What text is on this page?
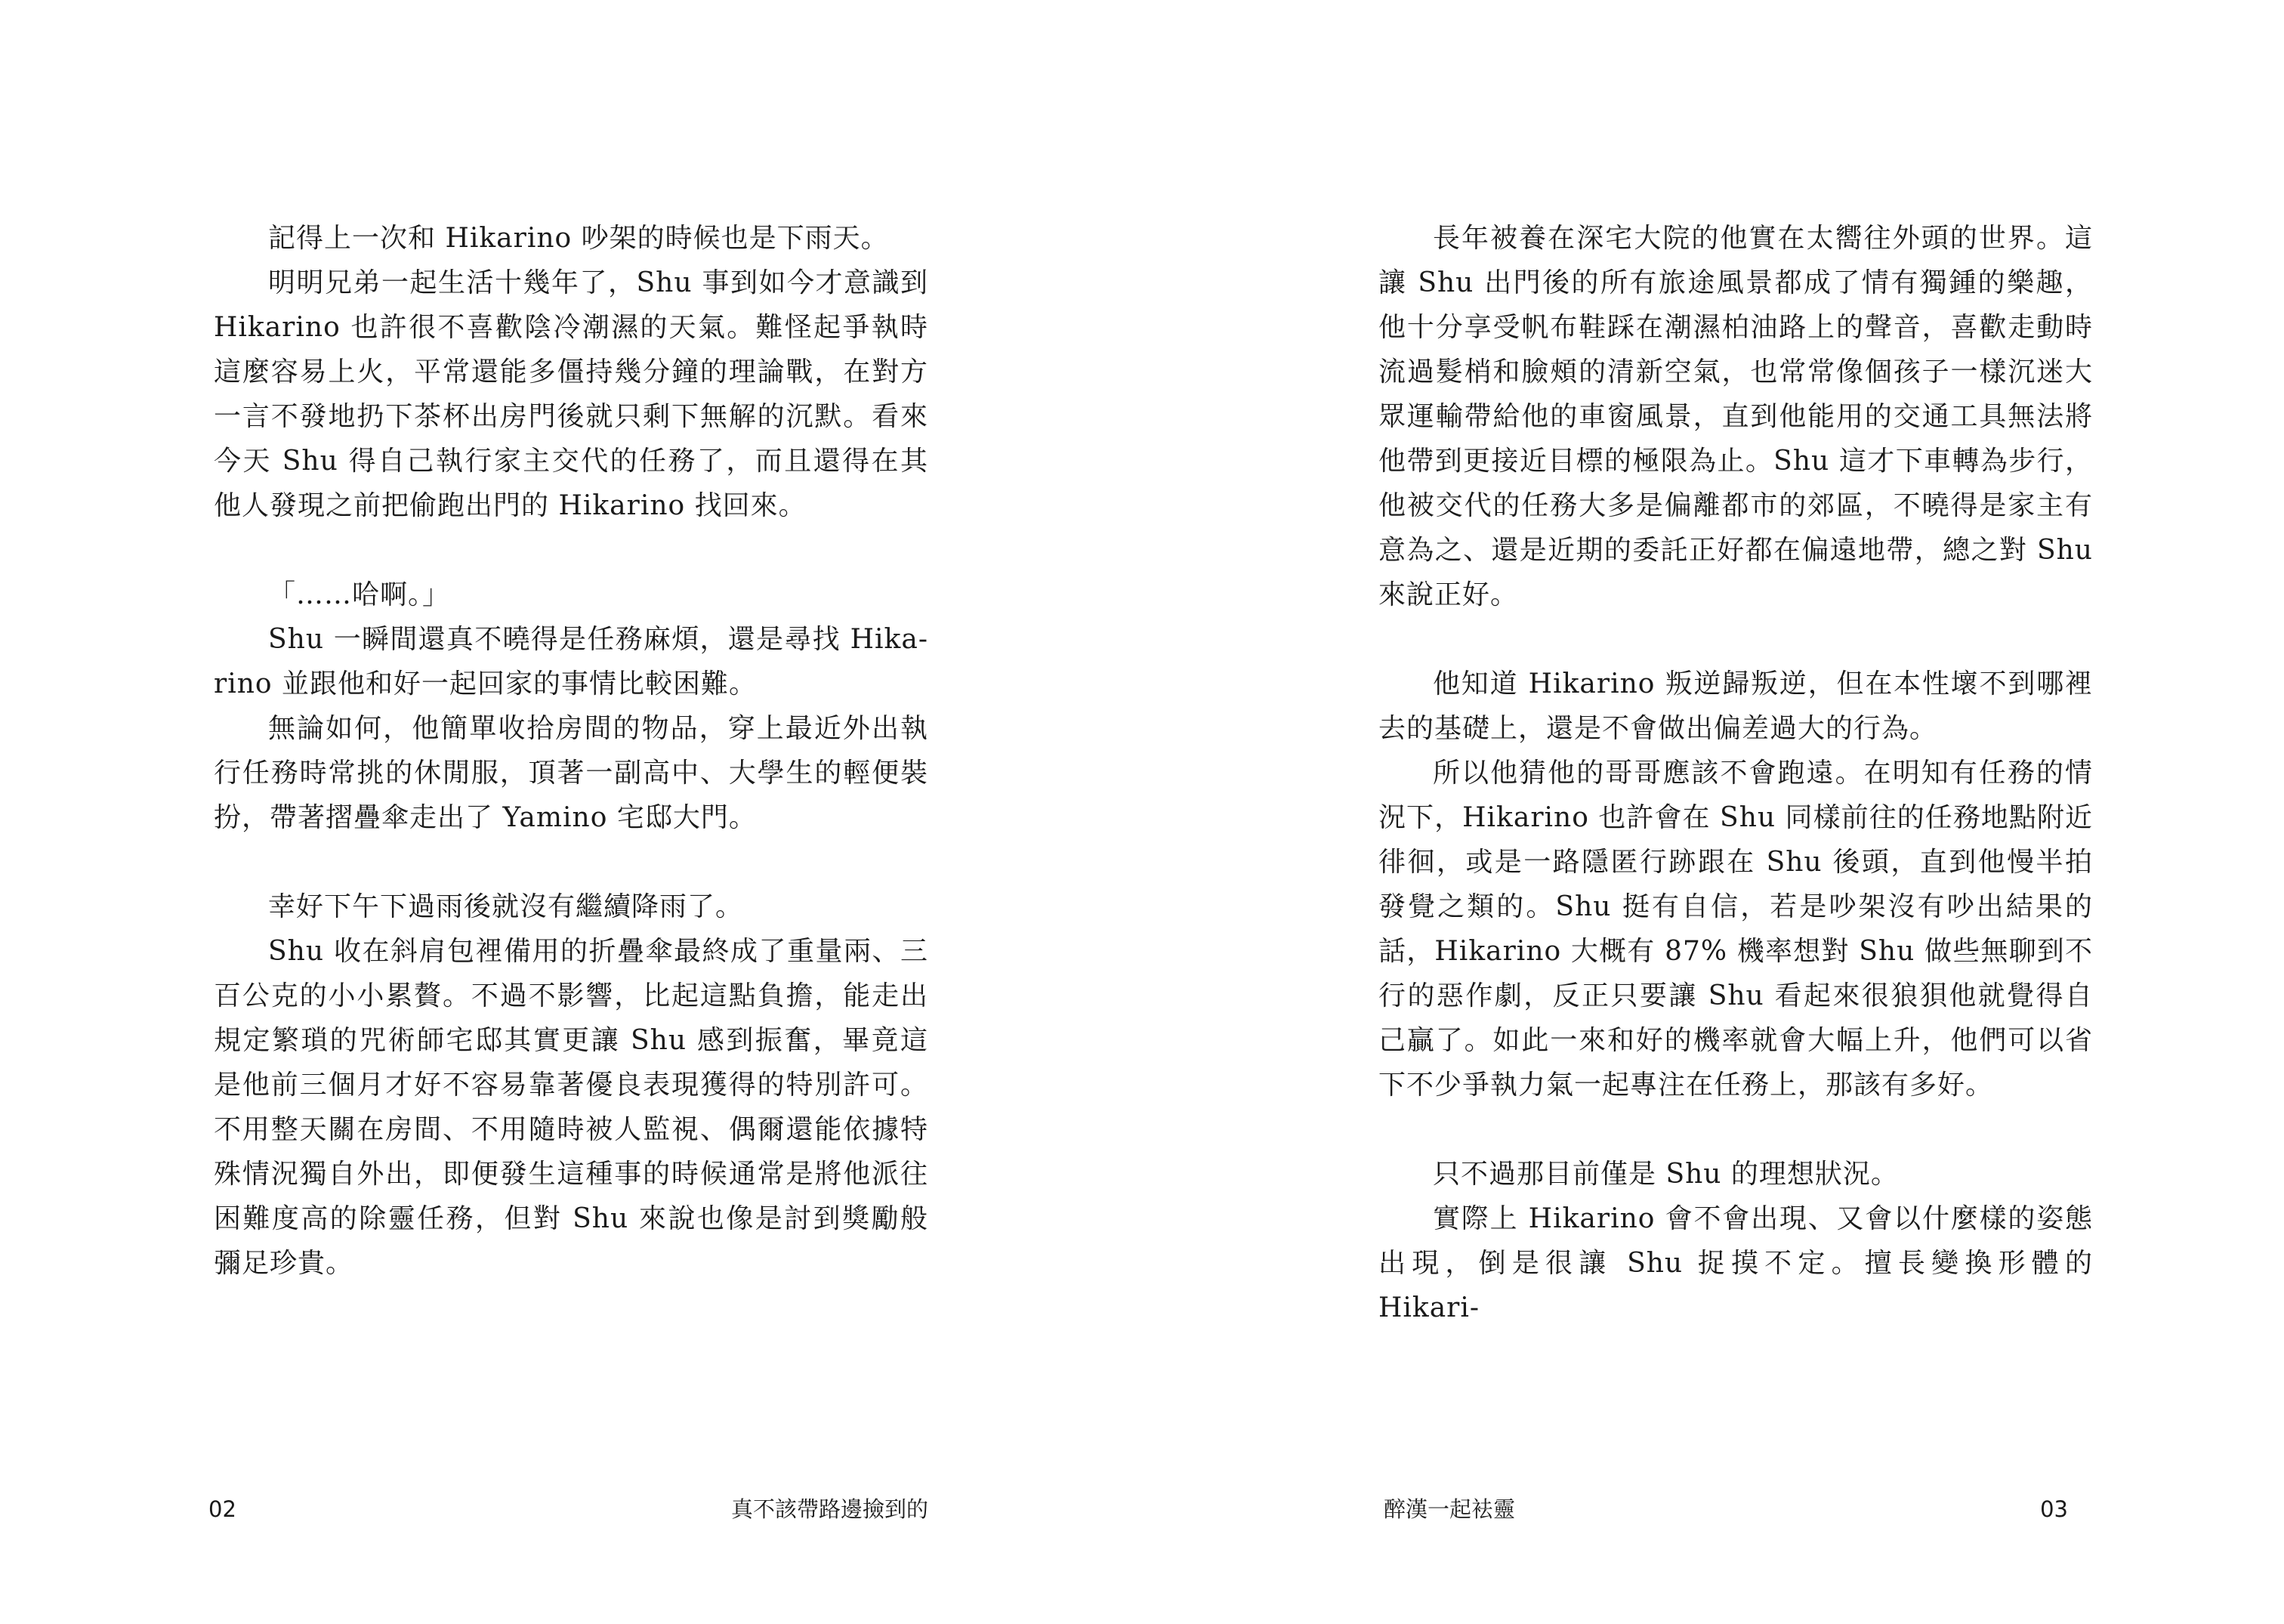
記得上一次和 Hikarino 吵架的時候也是下雨天。

明明兄弟一起生活十幾年了，Shu 事到如今才意識到 Hikarino 也許很不喜歡陰冷潮濕的天氣。難怪起爭執時這麼容易上火，平常還能多僵持幾分鐘的理論戰，在對方一言不發地扔下茶杯出房門後就只剩下無解的沉默。看來今天 Shu 得自己執行家主交代的任務了，而且還得在其他人發現之前把偷跑出門的 Hikarino 找回來。

「……哈啊。」

Shu 一瞬間還真不曉得是任務麻煩，還是尋找 Hika-rino 並跟他和好一起回家的事情比較困難。

無論如何，他簡單收拾房間的物品，穿上最近外出執行任務時常挑的休閒服，頂著一副高中、大學生的輕便裝扮，帶著摺疊傘走出了 Yamino 宅邸大門。

幸好下午下過雨後就沒有繼續降雨了。

Shu 收在斜肩包裡備用的折疊傘最終成了重量兩、三百公克的小小累贅。不過不影響，比起這點負擔，能走出規定繁瑣的咒術師宅邸其實更讓 Shu 感到振奮，畢竟這是他前三個月才好不容易靠著優良表現獲得的特別許可。不用整天關在房間、不用隨時被人監視、偶爾還能依據特殊情況獨自外出，即便發生這種事的時候通常是將他派往困難度高的除靈任務，但對 Shu 來說也像是討到獎勵般彌足珍貴。

02	真不該帶路邊撿到的

長年被養在深宅大院的他實在太嚮往外頭的世界。這讓 Shu 出門後的所有旅途風景都成了情有獨鍾的樂趣，他十分享受帆布鞋踩在潮濕柏油路上的聲音，喜歡走動時流過髮梢和臉頰的清新空氣，也常常像個孩子一樣沉迷大眾運輸帶給他的車窗風景，直到他能用的交通工具無法將他帶到更接近目標的極限為止。Shu 這才下車轉為步行，他被交代的任務大多是偏離都市的郊區，不曉得是家主有意為之、還是近期的委託正好都在偏遠地帶，總之對 Shu 來說正好。

他知道 Hikarino 叛逆歸叛逆，但在本性壞不到哪裡去的基礎上，還是不會做出偏差過大的行為。

所以他猜他的哥哥應該不會跑遠。在明知有任務的情況下，Hikarino 也許會在 Shu 同樣前往的任務地點附近徘徊，或是一路隱匿行跡跟在 Shu 後頭，直到他慢半拍發覺之類的。Shu 挺有自信，若是吵架沒有吵出結果的話，Hikarino 大概有 87% 機率想對 Shu 做些無聊到不行的惡作劇，反正只要讓 Shu 看起來很狼狽他就覺得自己贏了。如此一來和好的機率就會大幅上升，他們可以省下不少爭執力氣一起專注在任務上，那該有多好。

只不過那目前僅是 Shu 的理想狀況。

實際上 Hikarino 會不會出現、又會以什麼樣的姿態出現，倒是很讓 Shu 捉摸不定。擅長變換形體的 Hikari-

醉漢一起袪靈	03
